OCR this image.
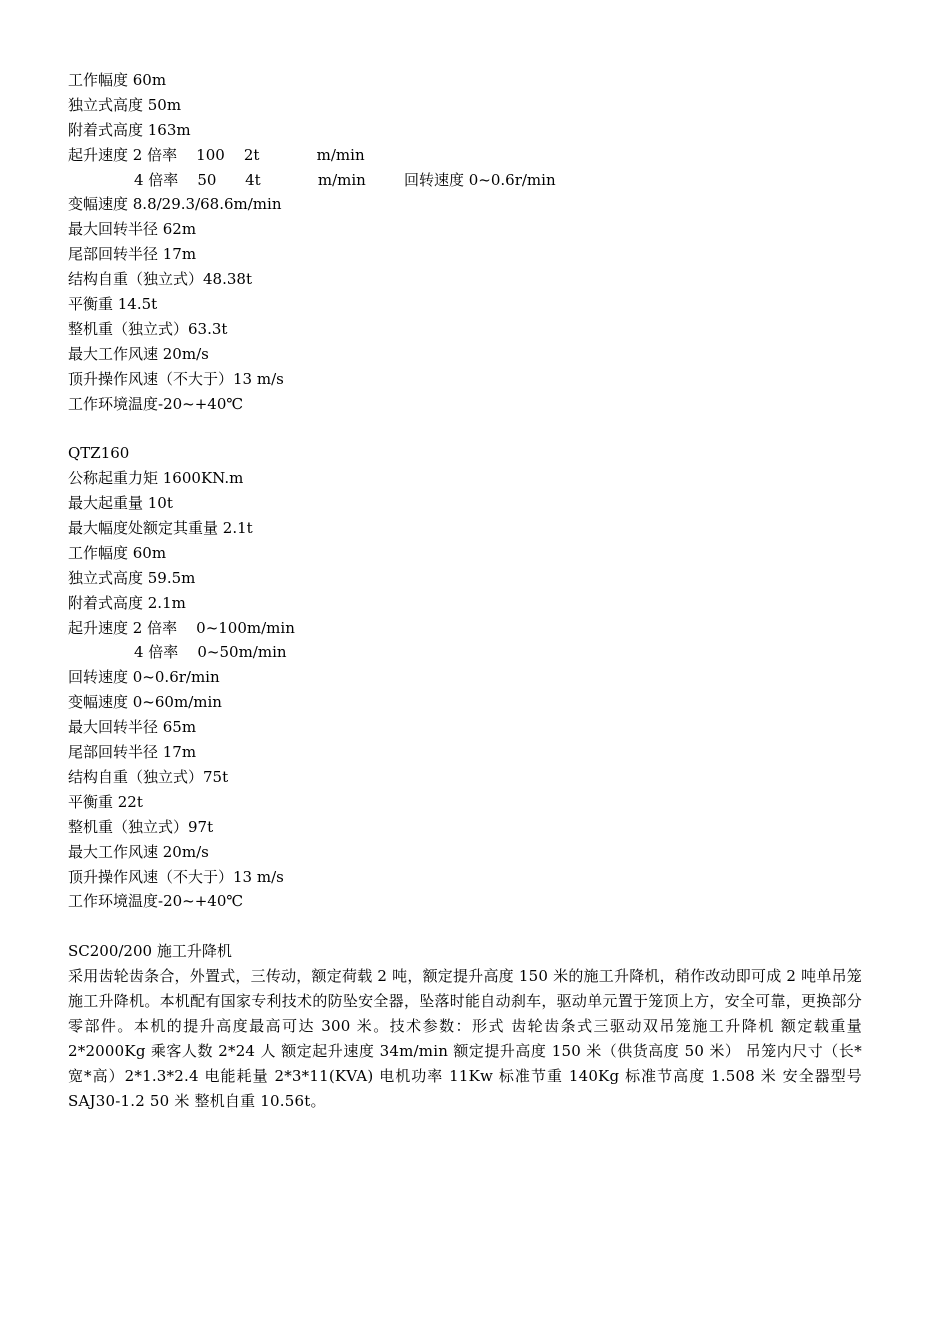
工作幅度 60m
独立式高度 50m
附着式高度 163m
起升速度 2 倍率    100    2t            m/min
4 倍率    50      4t            m/min        回转速度 0~0.6r/min
变幅速度 8.8/29.3/68.6m/min
最大回转半径 62m
尾部回转半径 17m
结构自重（独立式）48.38t
平衡重 14.5t
整机重（独立式）63.3t
最大工作风速 20m/s
顶升操作风速（不大于）13 m/s
工作环境温度-20~+40℃
QTZ160
公称起重力矩 1600KN.m
最大起重量 10t
最大幅度处额定其重量 2.1t
工作幅度 60m
独立式高度 59.5m
附着式高度 2.1m
起升速度 2 倍率    0~100m/min
4 倍率    0~50m/min
回转速度 0~0.6r/min
变幅速度 0~60m/min
最大回转半径 65m
尾部回转半径 17m
结构自重（独立式）75t
平衡重 22t
整机重（独立式）97t
最大工作风速 20m/s
顶升操作风速（不大于）13 m/s
工作环境温度-20~+40℃
SC200/200 施工升降机
采用齿轮齿条合，外置式，三传动，额定荷载 2 吨，额定提升高度 150 米的施工升降机，稍作改动即可成 2 吨单吊笼施工升降机。本机配有国家专利技术的防坠安全器，坠落时能自动刹车，驱动单元置于笼顶上方，安全可靠，更换部分零部件。本机的提升高度最高可达 300 米。技术参数：形式 齿轮齿条式三驱动双吊笼施工升降机 额定载重量 2*2000Kg 乘客人数 2*24 人 额定起升速度 34m/min 额定提升高度 150 米（供货高度 50 米） 吊笼内尺寸（长*宽*高）2*1.3*2.4 电能耗量 2*3*11(KVA) 电机功率 11Kw 标准节重 140Kg 标准节高度 1.508 米 安全器型号 SAJ30-1.2 50 米 整机自重 10.56t。
